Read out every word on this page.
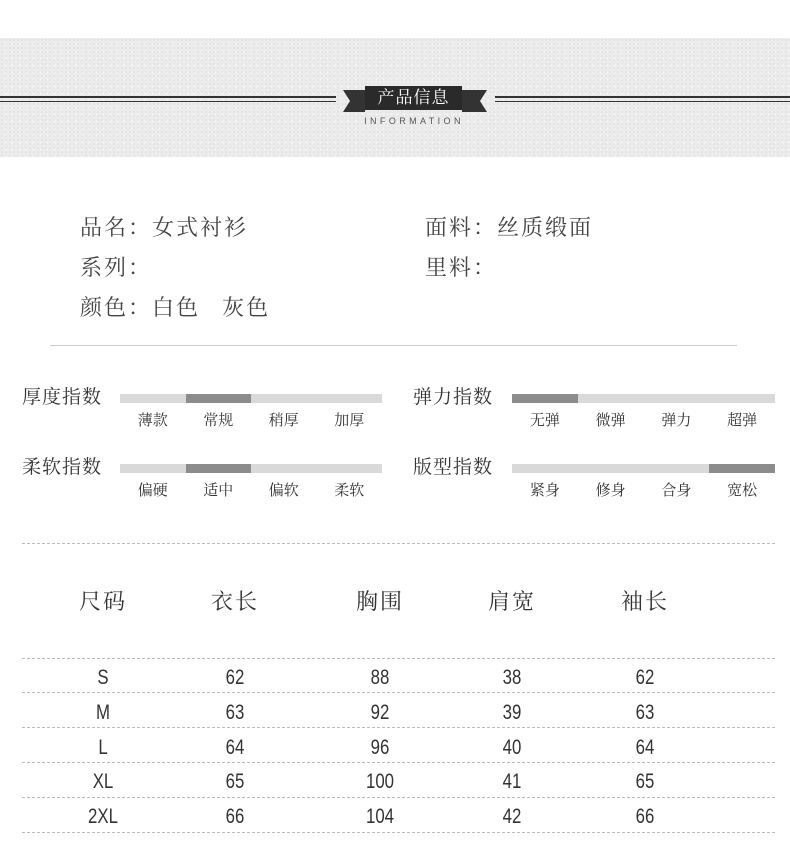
产品信息
INFORMATION
品名：女式衬衫	面料：丝质缎面
系列：	里料：
颜色：白色 灰色
厚度指数
薄款	常规	稍厚	加厚
弹力指数
无弹	微弹	弹力	超弹
柔软指数
偏硬	适中	偏软	柔软
版型指数
紧身	修身	合身	宽松
尺码	衣长	胸围	肩宽	袖长
S	62	88	38	62
M	63	92	39	63
L	64	96	40	64
XL	65	100	41	65
2XL	66	104	42	66
